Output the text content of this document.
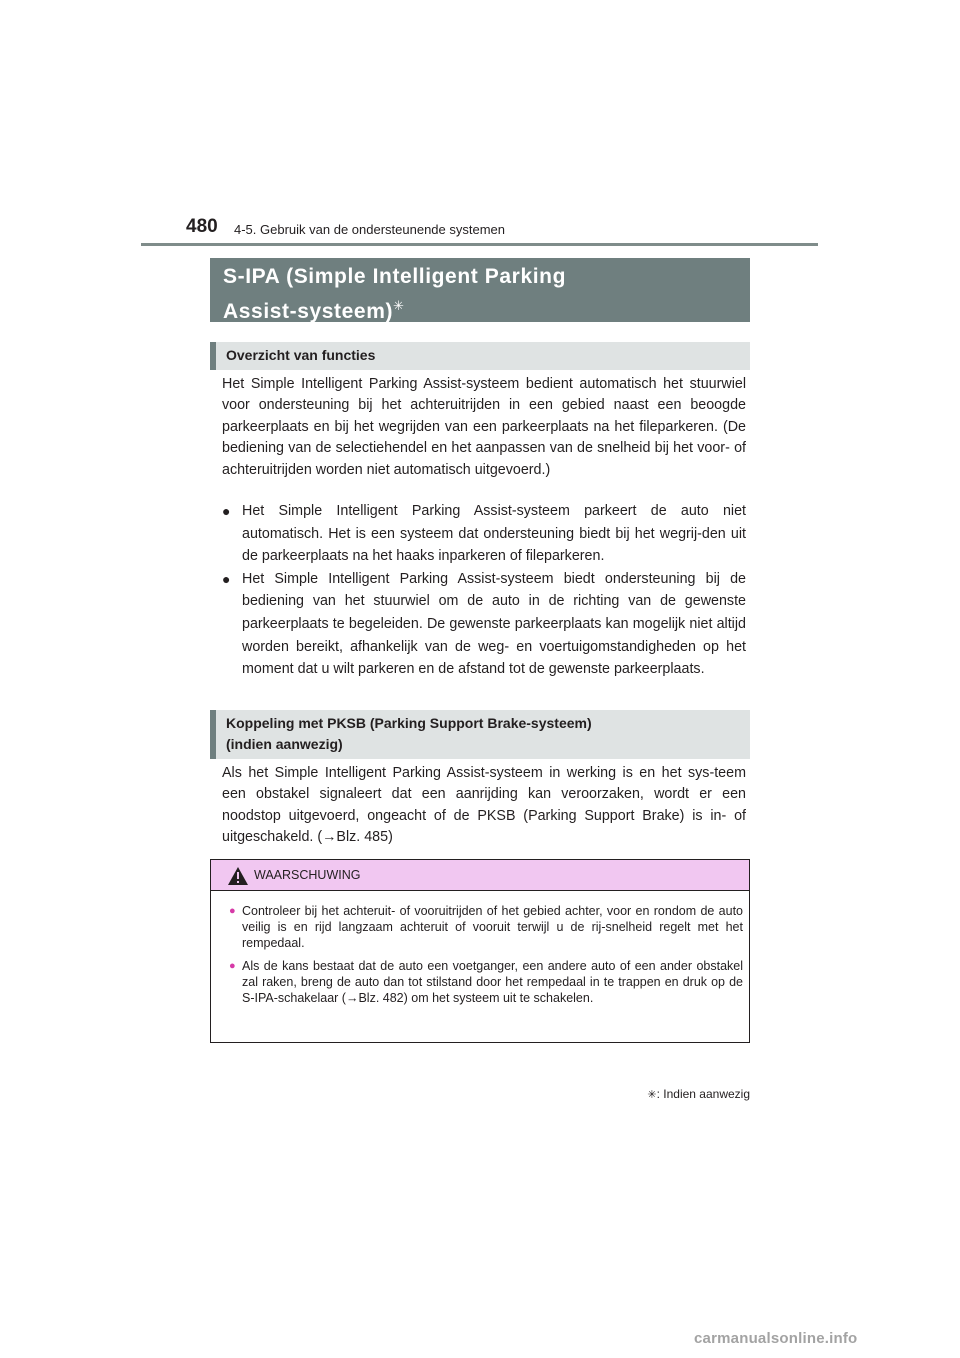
480 4-5. Gebruik van de ondersteunende systemen
S-IPA (Simple Intelligent Parking
Assist-systeem)✳
Overzicht van functies
Het Simple Intelligent Parking Assist-systeem bedient automatisch het stuurwiel voor ondersteuning bij het achteruitrijden in een gebied naast een beoogde parkeerplaats en bij het wegrijden van een parkeerplaats na het fileparkeren. (De bediening van de selectiehendel en het aanpassen van de snelheid bij het voor- of achteruitrijden worden niet automatisch uitgevoerd.)
● Het Simple Intelligent Parking Assist-systeem parkeert de auto niet automatisch. Het is een systeem dat ondersteuning biedt bij het wegrij-den uit de parkeerplaats na het haaks inparkeren of fileparkeren.
● Het Simple Intelligent Parking Assist-systeem biedt ondersteuning bij de bediening van het stuurwiel om de auto in de richting van de gewenste parkeerplaats te begeleiden. De gewenste parkeerplaats kan mogelijk niet altijd worden bereikt, afhankelijk van de weg- en voertuigomstandigheden op het moment dat u wilt parkeren en de afstand tot de gewenste parkeerplaats.
Koppeling met PKSB (Parking Support Brake-systeem)
(indien aanwezig)
Als het Simple Intelligent Parking Assist-systeem in werking is en het sys-teem een obstakel signaleert dat een aanrijding kan veroorzaken, wordt er een noodstop uitgevoerd, ongeacht of de PKSB (Parking Support Brake) is in- of uitgeschakeld. (→Blz. 485)
WAARSCHUWING
● Controleer bij het achteruit- of vooruitrijden of het gebied achter, voor en rondom de auto veilig is en rijd langzaam achteruit of vooruit terwijl u de rij-snelheid regelt met het rempedaal.
● Als de kans bestaat dat de auto een voetganger, een andere auto of een ander obstakel zal raken, breng de auto dan tot stilstand door het rempedaal in te trappen en druk op de S-IPA-schakelaar (→Blz. 482) om het systeem uit te schakelen.
✳: Indien aanwezig
carmanualsonline.info
